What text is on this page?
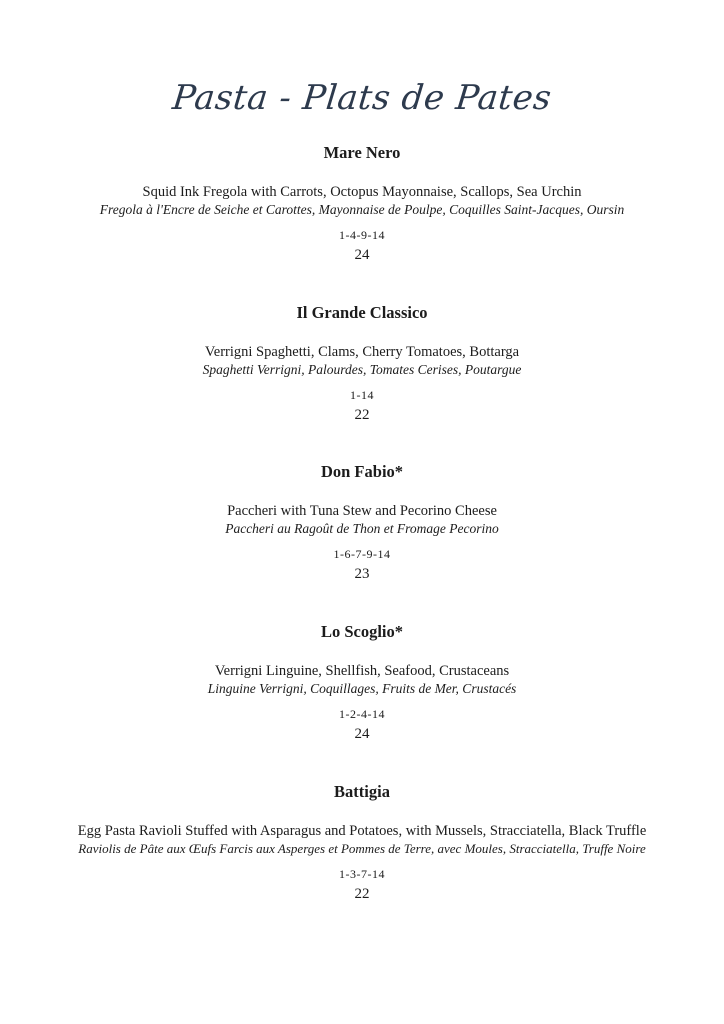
Pasta - Plats de Pates
Mare Nero
Squid Ink Fregola with Carrots, Octopus Mayonnaise, Scallops, Sea Urchin
Fregola à l'Encre de Seiche et Carottes, Mayonnaise de Poulpe, Coquilles Saint-Jacques, Oursin
1-4-9-14
24
Il Grande Classico
Verrigni Spaghetti, Clams, Cherry Tomatoes, Bottarga
Spaghetti Verrigni, Palourdes, Tomates Cerises, Poutargue
1-14
22
Don Fabio*
Paccheri with Tuna Stew and Pecorino Cheese
Paccheri au Ragoût de Thon et Fromage Pecorino
1-6-7-9-14
23
Lo Scoglio*
Verrigni Linguine, Shellfish, Seafood, Crustaceans
Linguine Verrigni, Coquillages, Fruits de Mer, Crustacés
1-2-4-14
24
Battigia
Egg Pasta Ravioli Stuffed with Asparagus and Potatoes, with Mussels, Stracciatella, Black Truffle
Raviolis de Pâte aux Œufs Farcis aux Asperges et Pommes de Terre, avec Moules, Stracciatella, Truffe Noire
1-3-7-14
22
